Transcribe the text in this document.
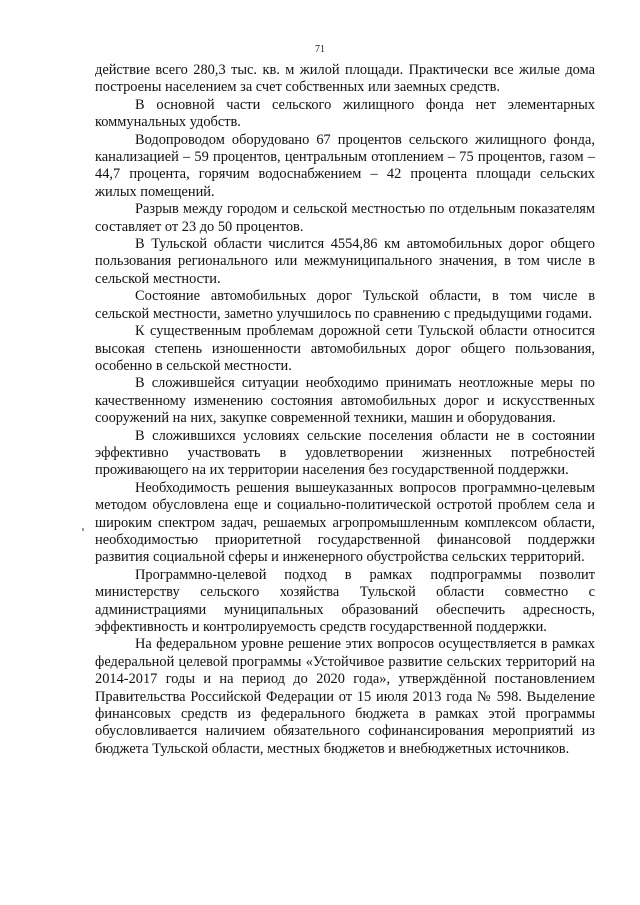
71

действие всего 280,3 тыс. кв. м жилой площади. Практически все жилые дома построены населением за счет собственных или заемных средств.

В основной части сельского жилищного фонда нет элементарных коммунальных удобств.

Водопроводом оборудовано 67 процентов сельского жилищного фонда, канализацией – 59 процентов, центральным отоплением – 75 процентов, газом – 44,7 процента, горячим водоснабжением – 42 процента площади сельских жилых помещений.

Разрыв между городом и сельской местностью по отдельным показателям составляет от 23 до 50 процентов.

В Тульской области числится 4554,86 км автомобильных дорог общего пользования регионального или межмуниципального значения, в том числе в сельской местности.

Состояние автомобильных дорог Тульской области, в том числе в сельской местности, заметно улучшилось по сравнению с предыдущими годами.

К существенным проблемам дорожной сети Тульской области относится высокая степень изношенности автомобильных дорог общего пользования, особенно в сельской местности.

В сложившейся ситуации необходимо принимать неотложные меры по качественному изменению состояния автомобильных дорог и искусственных сооружений на них, закупке современной техники, машин и оборудования.

В сложившихся условиях сельские поселения области не в состоянии эффективно участвовать в удовлетворении жизненных потребностей проживающего на их территории населения без государственной поддержки.

Необходимость решения вышеуказанных вопросов программно-целевым методом обусловлена еще и социально-политической остротой проблем села и широким спектром задач, решаемых агропромышленным комплексом области, необходимостью приоритетной государственной финансовой поддержки развития социальной сферы и инженерного обустройства сельских территорий.

Программно-целевой подход в рамках подпрограммы позволит министерству сельского хозяйства Тульской области совместно с администрациями муниципальных образований обеспечить адресность, эффективность и контролируемость средств государственной поддержки.

На федеральном уровне решение этих вопросов осуществляется в рамках федеральной целевой программы «Устойчивое развитие сельских территорий на 2014-2017 годы и на период до 2020 года», утверждённой постановлением Правительства Российской Федерации от 15 июля 2013 года № 598. Выделение финансовых средств из федерального бюджета в рамках этой программы обусловливается наличием обязательного софинансирования мероприятий из бюджета Тульской области, местных бюджетов и внебюджетных источников.
